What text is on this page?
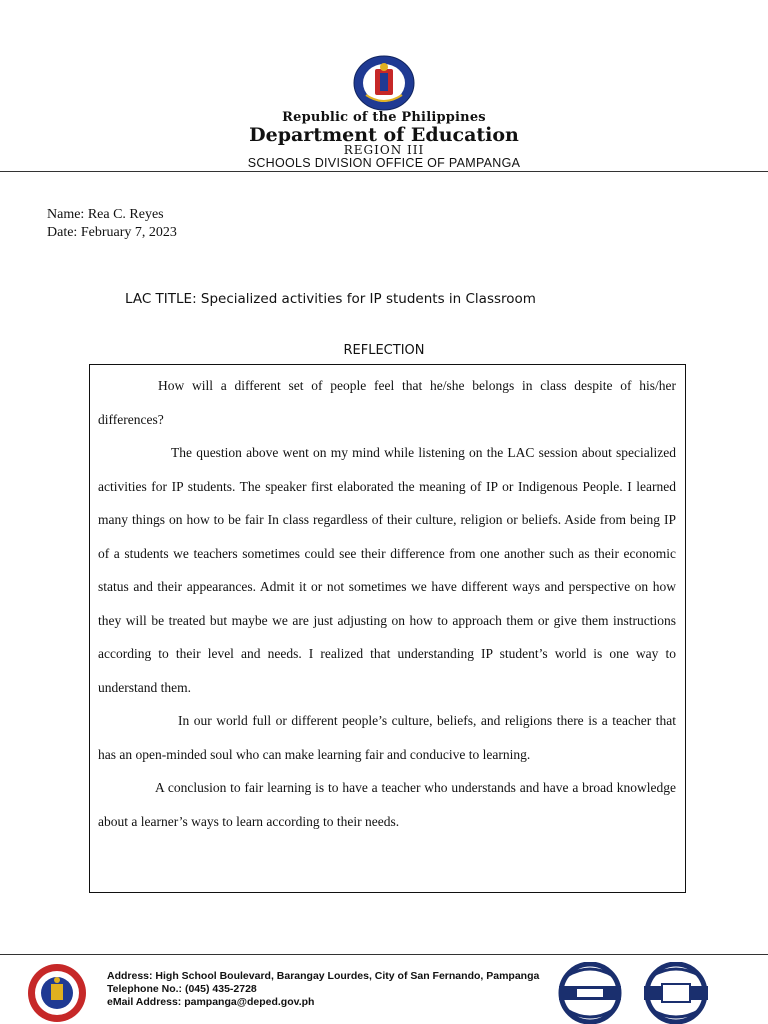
Republic of the Philippines
Department of Education
REGION III
SCHOOLS DIVISION OFFICE OF PAMPANGA
Name: Rea C. Reyes
Date: February 7, 2023
LAC TITLE: Specialized activities for IP students in Classroom
REFLECTION

How will a different set of people feel that he/she belongs in class despite of his/her differences?

The question above went on my mind while listening on the LAC session about specialized activities for IP students. The speaker first elaborated the meaning of IP or Indigenous People. I learned many things on how to be fair In class regardless of their culture, religion or beliefs. Aside from being IP of a students we teachers sometimes could see their difference from one another such as their economic status and their appearances. Admit it or not sometimes we have different ways and perspective on how they will be treated but maybe we are just adjusting on how to approach them or give them instructions according to their level and needs. I realized that understanding IP student’s world is one way to understand them.

In our world full or different people’s culture, beliefs, and religions there is a teacher that has an open-minded soul who can make learning fair and conducive to learning.

A conclusion to fair learning is to have a teacher who understands and have a broad knowledge about a learner’s ways to learn according to their needs.

Address: High School Boulevard, Barangay Lourdes, City of San Fernando, Pampanga
Telephone No.: (045) 435-2728
eMail Address: pampanga@deped.gov.ph
